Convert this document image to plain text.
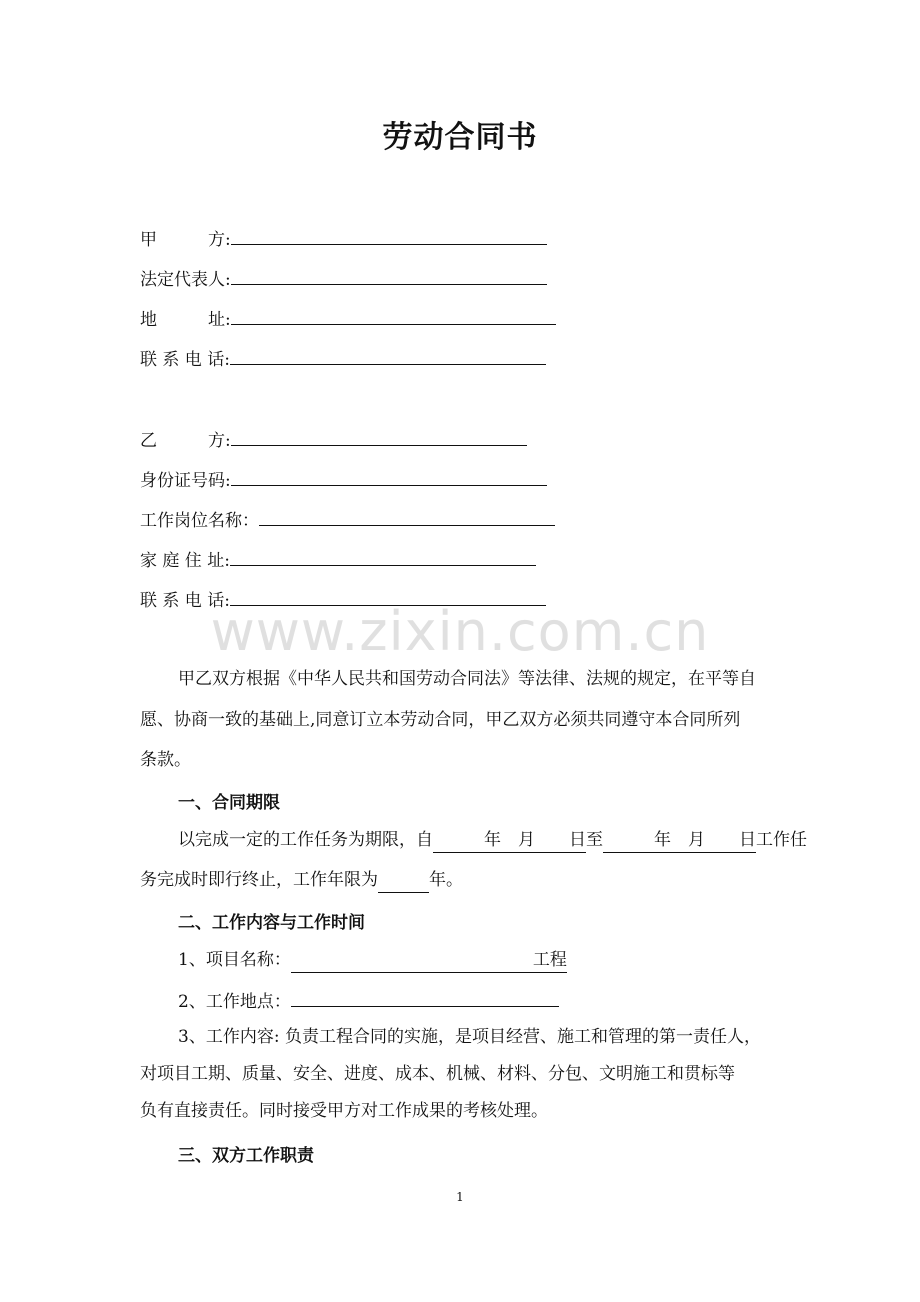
劳动合同书
甲　　　方:
法定代表人:
地　　　址:
联 系 电 话:
乙　　　方:
身份证号码:
工作岗位名称：
家 庭 住 址:
联 系 电 话:
www.zixin.com.cn
甲乙双方根据《中华人民共和国劳动合同法》等法律、法规的规定，在平等自
愿、协商一致的基础上,同意订立本劳动合同，甲乙双方必须共同遵守本合同所列
条款。
一、合同期限
以完成一定的工作任务为期限，自　　　年　月　　日至　　　年　月　　日工作任
务完成时即行终止，工作年限为　　　	年。
二、工作内容与工作时间
1、项目名称：	工程
2、工作地点：
3、工作内容: 负责工程合同的实施，是项目经营、施工和管理的第一责任人，
对项目工期、质量、安全、进度、成本、机械、材料、分包、文明施工和贯标等
负有直接责任。同时接受甲方对工作成果的考核处理。
三、双方工作职责
1
